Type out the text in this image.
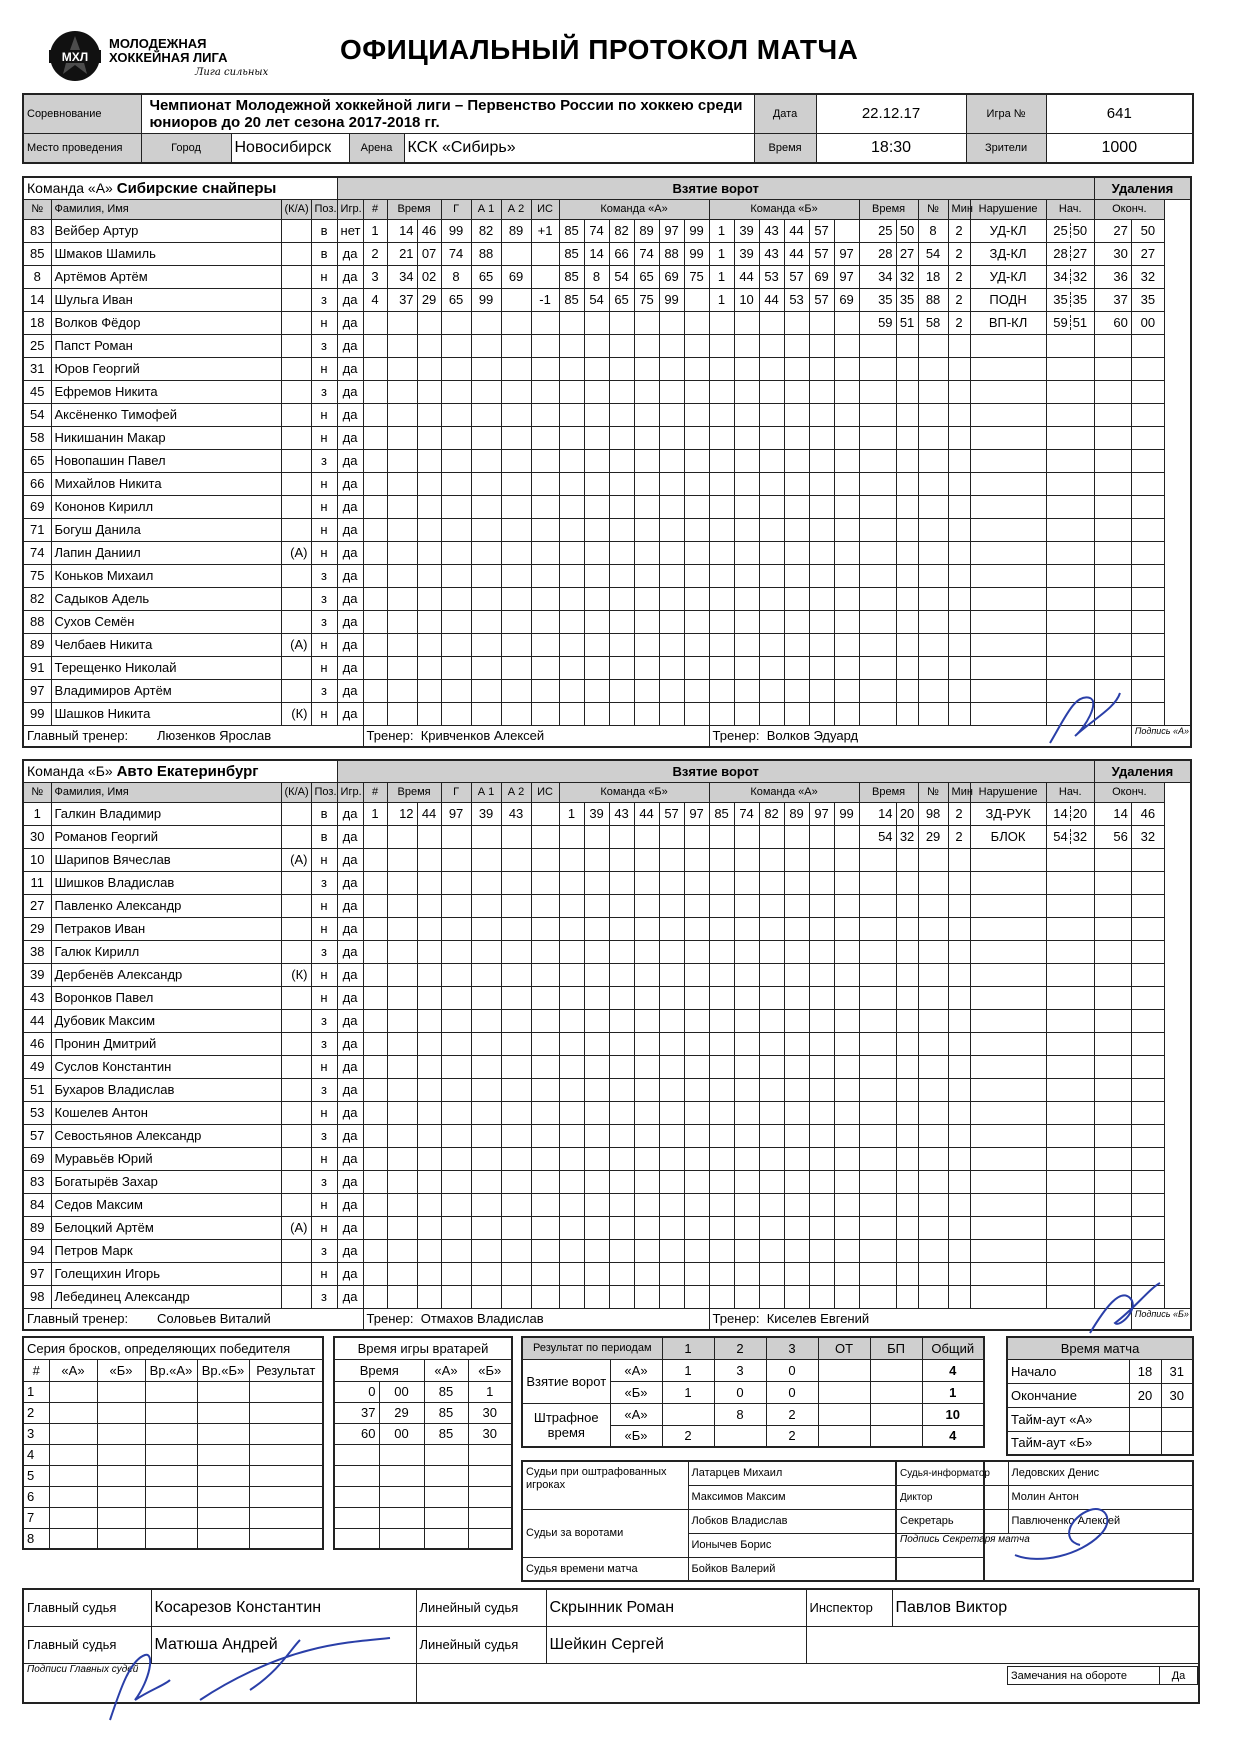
МХЛ
МОЛОДЕЖНАЯ
ХОККЕЙНАЯ ЛИГА
Лига сильных
ОФИЦИАЛЬНЫЙ ПРОТОКОЛ МАТЧА
Соревнование	Чемпионат Молодежной хоккейной лиги – Первенство России по хоккею среди юниоров до 20 лет сезона 2017-2018 гг.				Дата	22.12.17	Игра №	641
Место проведения	Город	Новосибирск	Арена	КСК «Сибирь»	Время	18:30	Зрители	1000
Команда «А» Сибирские снайперы				Взятие ворот																										Удаления	
№	Фамилия, Имя	(К/А)	Поз.	Игр.	#	Время		Г	А 1	А 2	ИС	Команда «А»						Команда «Б»						Время		№	Мин	Нарушение	Нач.	Оконч.	
83	Вейбер Артур		в	нет	1	14	46	99	82	89	+1	85	74	82	89	97	99	1	39	43	44	57		25	50	8	2	УД-КЛ	25 50	27	50
85	Шмаков Шамиль		в	да	2	21	07	74	88			85	14	66	74	88	99	1	39	43	44	57	97	28	27	54	2	ЗД-КЛ	28 27	30	27
8	Артёмов Артём		н	да	3	34	02	8	65	69		85	8	54	65	69	75	1	44	53	57	69	97	34	32	18	2	УД-КЛ	34 32	36	32
14	Шульга Иван		з	да	4	37	29	65	99		-1	85	54	65	75	99		1	10	44	53	57	69	35	35	88	2	ПОДН	35 35	37	35
18	Волков Фёдор		н	да																				59	51	58	2	ВП-КЛ	59 51	60	00
25	Папст Роман		з	да																											
31	Юров Георгий		н	да																											
45	Ефремов Никита		з	да																											
54	Аксёненко Тимофей		н	да																											
58	Никишанин Макар		н	да																											
65	Новопашин Павел		з	да																											
66	Михайлов Никита		н	да																											
69	Кононов Кирилл		н	да																											
71	Богуш Данила		н	да																											
74	Лапин Даниил	(А)	н	да																											
75	Коньков Михаил		з	да																											
82	Садыков Адель		з	да																											
88	Сухов Семён		з	да																											
89	Челбаев Никита	(А)	н	да																											
91	Терещенко Николай		н	да																											
97	Владимиров Артём		з	да																											
99	Шашков Никита	(К)	н	да																											
Главный тренер: Люзенков Ярослав					Тренер: Кривченков Алексей													Тренер: Волков Эдуард													Подпись «А»
Команда «Б» Авто Екатеринбург				Взятие ворот																										Удаления	
№	Фамилия, Имя	(К/А)	Поз.	Игр.	#	Время		Г	А 1	А 2	ИС	Команда «Б»						Команда «А»						Время		№	Мин	Нарушение	Нач.	Оконч.	
1	Галкин Владимир		в	да	1	12	44	97	39	43		1	39	43	44	57	97	85	74	82	89	97	99	14	20	98	2	ЗД-РУК	14 20	14	46
30	Романов Георгий		в	да																				54	32	29	2	БЛОК	54 32	56	32
10	Шарипов Вячеслав	(А)	н	да																											
11	Шишков Владислав		з	да																											
27	Павленко Александр		н	да																											
29	Петраков Иван		н	да																											
38	Галюк Кирилл		з	да																											
39	Дербенёв Александр	(К)	н	да																											
43	Воронков Павел		н	да																											
44	Дубовик Максим		з	да																											
46	Пронин Дмитрий		з	да																											
49	Суслов Константин		н	да																											
51	Бухаров Владислав		з	да																											
53	Кошелев Антон		н	да																											
57	Севостьянов Александр		з	да																											
69	Муравьёв Юрий		н	да																											
83	Богатырёв Захар		з	да																											
84	Седов Максим		н	да																											
89	Белоцкий Артём	(А)	н	да																											
94	Петров Марк		з	да																											
97	Голещихин Игорь		н	да																											
98	Лебединец Александр		з	да																											
Главный тренер: Соловьев Виталий					Тренер: Отмахов Владислав													Тренер: Киселев Евгений													Подпись «Б»
Серия бросков, определяющих победителя					
#	«А»	«Б»	Вр.«А»	Вр.«Б»	Результат
1					
2					
3					
4					
5					
6					
7					
8					
Время игры вратарей			
Время		«А»	«Б»
0	00	85	1
37	29	85	30
60	00	85	30

Результат по периодам		1	2	3	ОТ	БП	Общий
Взятие ворот	«А»	1	3	0			4
	«Б»	1	0	0			1
Штрафное время	«А»		8	2			10
	«Б»	2		2			4
Время матча		
Начало	18	31
Окончание	20	30
Тайм-аут «А»		
Тайм-аут «Б»		
Судьи при оштрафованных игроках	Латарцев Михаил
	Максимов Максим
Судьи за воротами	Лобков Владислав
	Ионычев Борис
Судья времени матча	Бойков Валерий
Судья-информатор	Ледовских Денис
Диктор	Молин Антон
Секретарь	Павлюченко Алексей
Подпись Секретаря матча	
Главный судья	Косарезов Константин	Линейный судья	Скрынник Роман	Инспектор	Павлов Виктор
Главный судья	Матюша Андрей	Линейный судья	Шейкин Сергей		
Подписи Главных судей					
Замечания на обороте	Да
